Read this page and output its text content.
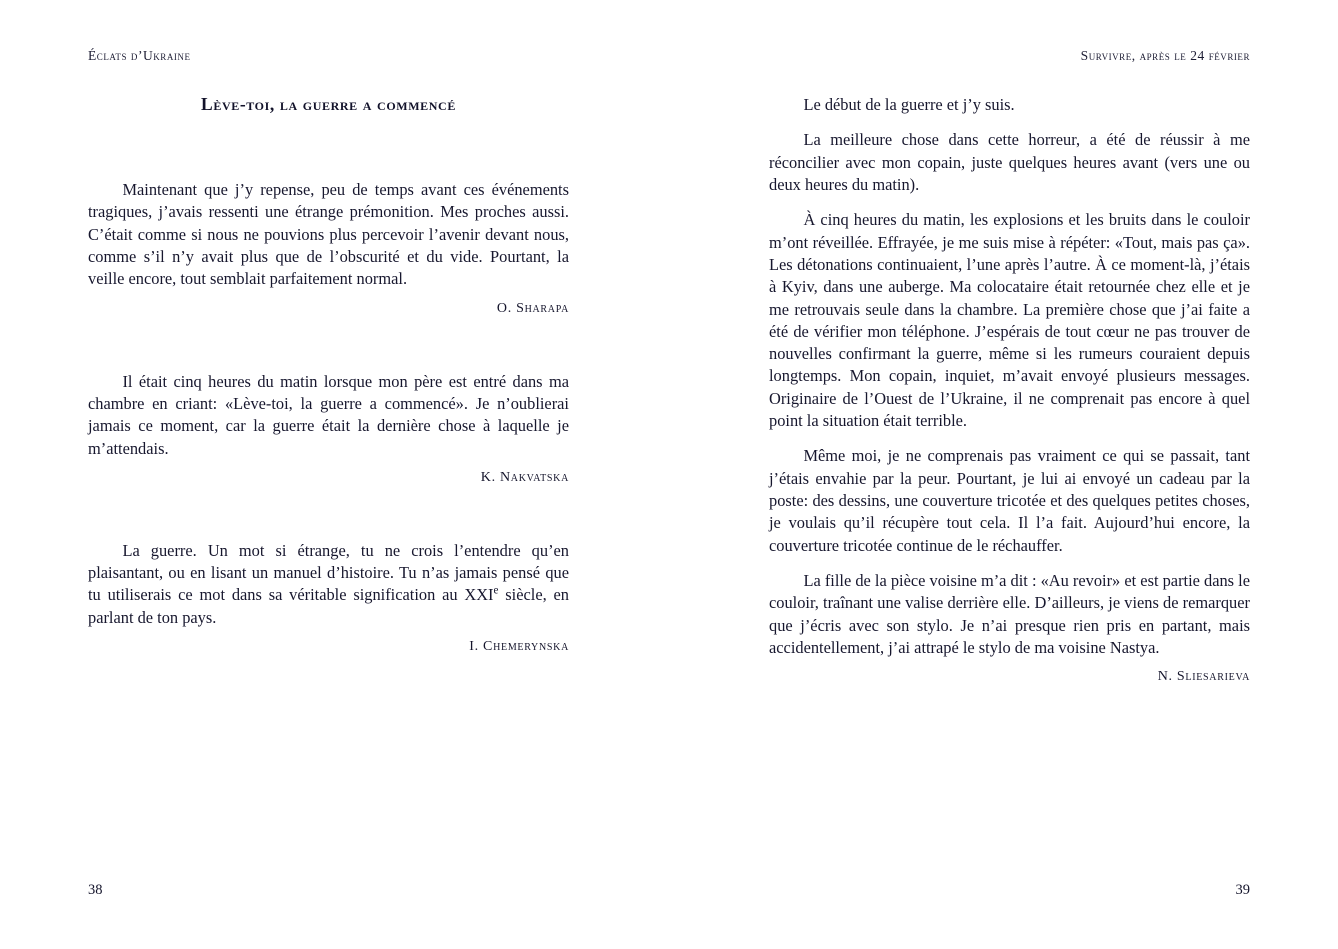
Éclats d’Ukraine
Lève-toi, la guerre a commencé

Maintenant que j’y repense, peu de temps avant ces événements tragiques, j’avais ressenti une étrange prémonition. Mes proches aussi. C’était comme si nous ne pouvions plus percevoir l’avenir devant nous, comme s’il n’y avait plus que de l’obscurité et du vide. Pourtant, la veille encore, tout semblait parfaitement normal.

O. Sharapa

Il était cinq heures du matin lorsque mon père est entré dans ma chambre en criant: «Lève-toi, la guerre a commencé». Je n’oublierai jamais ce moment, car la guerre était la dernière chose à laquelle je m’attendais.

K. Nakvatska

La guerre. Un mot si étrange, tu ne crois l’entendre qu’en plaisantant, ou en lisant un manuel d’histoire. Tu n’as jamais pensé que tu utiliserais ce mot dans sa véritable signification au XXIe siècle, en parlant de ton pays.

I. Chemerynska

38
Survivre, après le 24 février

Le début de la guerre et j’y suis.

La meilleure chose dans cette horreur, a été de réussir à me réconcilier avec mon copain, juste quelques heures avant (vers une ou deux heures du matin).

À cinq heures du matin, les explosions et les bruits dans le couloir m’ont réveillée. Effrayée, je me suis mise à répéter: «Tout, mais pas ça». Les détonations continuaient, l’une après l’autre. À ce moment-là, j’étais à Kyiv, dans une auberge. Ma colocataire était retournée chez elle et je me retrouvais seule dans la chambre. La première chose que j’ai faite a été de vérifier mon téléphone. J’espérais de tout cœur ne pas trouver de nouvelles confirmant la guerre, même si les rumeurs couraient depuis longtemps. Mon copain, inquiet, m’avait envoyé plusieurs messages. Originaire de l’Ouest de l’Ukraine, il ne comprenait pas encore à quel point la situation était terrible.

Même moi, je ne comprenais pas vraiment ce qui se passait, tant j’étais envahie par la peur. Pourtant, je lui ai envoyé un cadeau par la poste: des dessins, une couverture tricotée et des quelques petites choses, je voulais qu’il récupère tout cela. Il l’a fait. Aujourd’hui encore, la couverture tricotée continue de le réchauffer.

La fille de la pièce voisine m’a dit : «Au revoir» et est partie dans le couloir, traînant une valise derrière elle. D’ailleurs, je viens de remarquer que j’écris avec son stylo. Je n’ai presque rien pris en partant, mais accidentellement, j’ai attrapé le stylo de ma voisine Nastya.

N. Sliesarieva

39
